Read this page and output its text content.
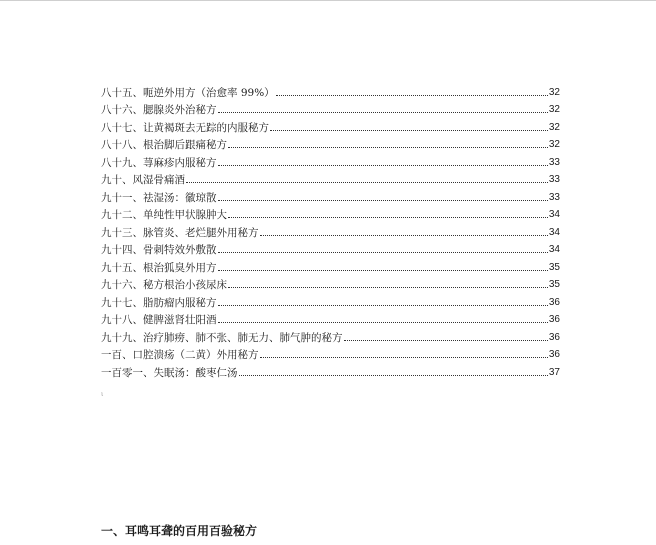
八十五、呃逆外用方（治愈率 99%）	32
八十六、腮腺炎外治秘方	32
八十七、让黄褐斑去无踪的内服秘方	32
八十八、根治脚后跟痛秘方	32
八十九、荨麻疹内服秘方	33
九十、风湿骨痛酒	33
九十一、祛湿汤：徽琼散	33
九十二、单纯性甲状腺肿大	34
九十三、脉管炎、老烂腿外用秘方	34
九十四、骨刺特效外敷散	34
九十五、根治狐臭外用方	35
九十六、秘方根治小孩尿床	35
九十七、脂肪瘤内服秘方	36
九十八、健脾滋肾壮阳酒	36
九十九、治疗肺痨、肺不张、肺无力、肺气肿的秘方	36
一百、口腔溃疡（二黄）外用秘方	36
一百零一、失眠汤：酸枣仁汤	37
ι
一、耳鸣耳聋的百用百验秘方
